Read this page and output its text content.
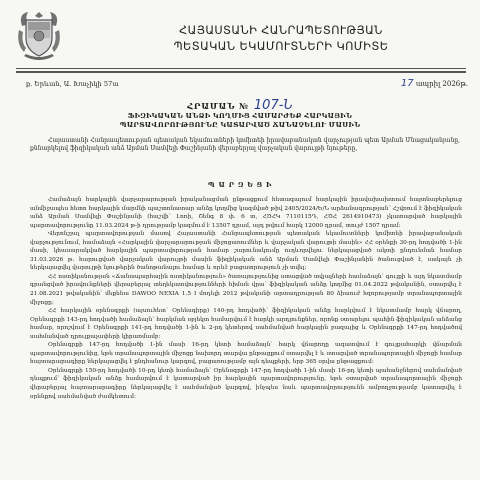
ՀԱՅԱՍՏԱՆԻ ՀԱՆՐԱՊԵՏՈՒԹՅԱՆ
ՊԵՏԱԿԱՆ ԵԿԱՄՈՒՏՆԵՐԻ ԿՈՄԻՏԵ
ք. Երևան, Ա. Խաչիկի 57ա	17 ապրիլ 2026թ.
ՀՐԱՄԱՆ № 107-Ն
ՖԻԶԻԿԱԿԱՆ ԱՆՁԻ ԿՈՂՄԻՑ ՀԱՄԱՐԺԵՔ ՀԱՐԿԱՅԻՆ
ՊԱՐՏԱՎՈՐՈՒԹՅՈՒՆԸ ԿԱՏԱՐՎԱԾ ՃԱՆԱՉԵԼՈՒ ՄԱՍԻՆ
Հայաստանի Հանրապետության պետական եկամուտների կոմիտեի իրավաբանական վարչության պետ Արման Մնացականյանը, քննարկելով ֆիզիկական անձ Արման Սամվելի Փաշինյանի վերաբերյալ վարչական վարույթի նյութերը,
Պ Ա Ր Զ Ե Ց Ի

Համաձայն հարկային վարչարարության իրականացման ընթացքում հետագայում հարկային իրավախախտում հայտնաբերելուց անմիջապես հետո հարկային մարմնի պաշտոնատար անձը կողմից կազմված թիվ 2405/2024/Ե/Ն արձանագրության՝ Հշվռում է ֆիզիկական անձ Արման Սամվելի Փաշինյանի (հաշվի՝ Լոռի, Շենգ 8 փ. 6 տ, ՀԾՀԿ 7110115Դ, ՀԾՀ 2614910473) չկատարված հարկային պարտավորությունը 11.03.2024 թ-ի դրությամբ կազմում է 13507 դրամ, այդ թվում հարկ 12000 դրամ, տույժ 1507 դրամ:

Վերոնշյալ պարտավորության մասով Հայաստանի Հանրապետության պետական եկամուտների կոմիտեի իրավաբանական վարչությունում, համաձայն «Հարկային վարչարարության միջոցառումներ և վարչական վարույթի մասին» ՀՀ օրենքի 30-րդ հոդվածի 1-ին մասի, կհասարակված հարկային պարտավորության համար շարունակումը ուղևորվելու ներկայացված ակտի ընդունման համար 31.03.2026 թ. հարուցված վարչական վարույթի մասին ֆիզիկական անձ Արման Սամվելի Փաշինյանին ծանուցված է, սակայն չի ներկայացվել վարույթի նյութերին ծանոթանալու համար և որևէ բացատրություն չի տվել:

ՀՀ ոստիկանության «Ճանապարհային ոստիկանություն» ծառայությունից ստացված տվյալների համաձայն՝ գույքի և այդ նկատմամբ գրանցված իրավունքների վերաբերյալ տեղեկատվությունների հիման վրա՝ ֆիզիկական անձը կողմից 01.04.2022 թվականին, օտարվել է 21.08.2021 թվականին՝ մեքենա DAWOO NEXIA 1.5 I մոդելի 2012 թվականի արտադրության 80 ձիաուժ հզորությամբ տրանսպորտային միջոցը:

ՀՀ հարկային օրենսգրքի (այսուհետ՝ Օրենսգիրք) 140-րդ հոդվածի՝ ֆիզիկական անձը հարկվում է նկատմամբ հարկ վճարող, Օրենսգրքի 143-րդ հոդվածի համաձայն՝ հարկման օբյեկտ համարվում է հարկի արդյունքներ, որոնք օտարելու պահին ֆիզիկական անձանց համար, որոշվում է Օրենսգրքի 141-րդ հոդվածի 1-ին և 2-րդ կետերով սահմանված հարկային բազայից և Օրենսգրքի 147-րդ հոդվածով սահմանված դրույքաչափերի կիրառմամբ:

Օրենսգրքի 147-րդ հոդվածի 1-ին մասի 16-րդ կետի համաձայն՝ հարկ վճարողը ազատվում է գույքահարկի վճարման պարտավորությունից, եթե տրանսպորտային միջոցը նախորդ տարվա ընթացքում օտարվել է և օտարված տրանսպորտային միջոցի համար հայտարարագիրը ներկայացվել է ընդհանուր կարգով, բացառությամբ այն դեպքերի, երբ 365 օրվա ընթացքում:

Օրենսգրքի 150-րդ հոդվածի 10-րդ կետի համաձայն՝ Օրենսգրքի 147-րդ հոդվածի 1-ին մասի 16-րդ կետի պահանջներով սահմանված դեպքում՝ ֆիզիկական անձը համարվում է կատարված իր հարկային պարտավորությունը, եթե օտարված տրանսպորտային միջոցի վերաբերյալ հայտարարագիրը ներկայացվել է սահմանված կարգով, ինչպես նաև պարտավորությունն ամբողջությամբ կատարվել է օրենքով սահմանված ժամկետում:
